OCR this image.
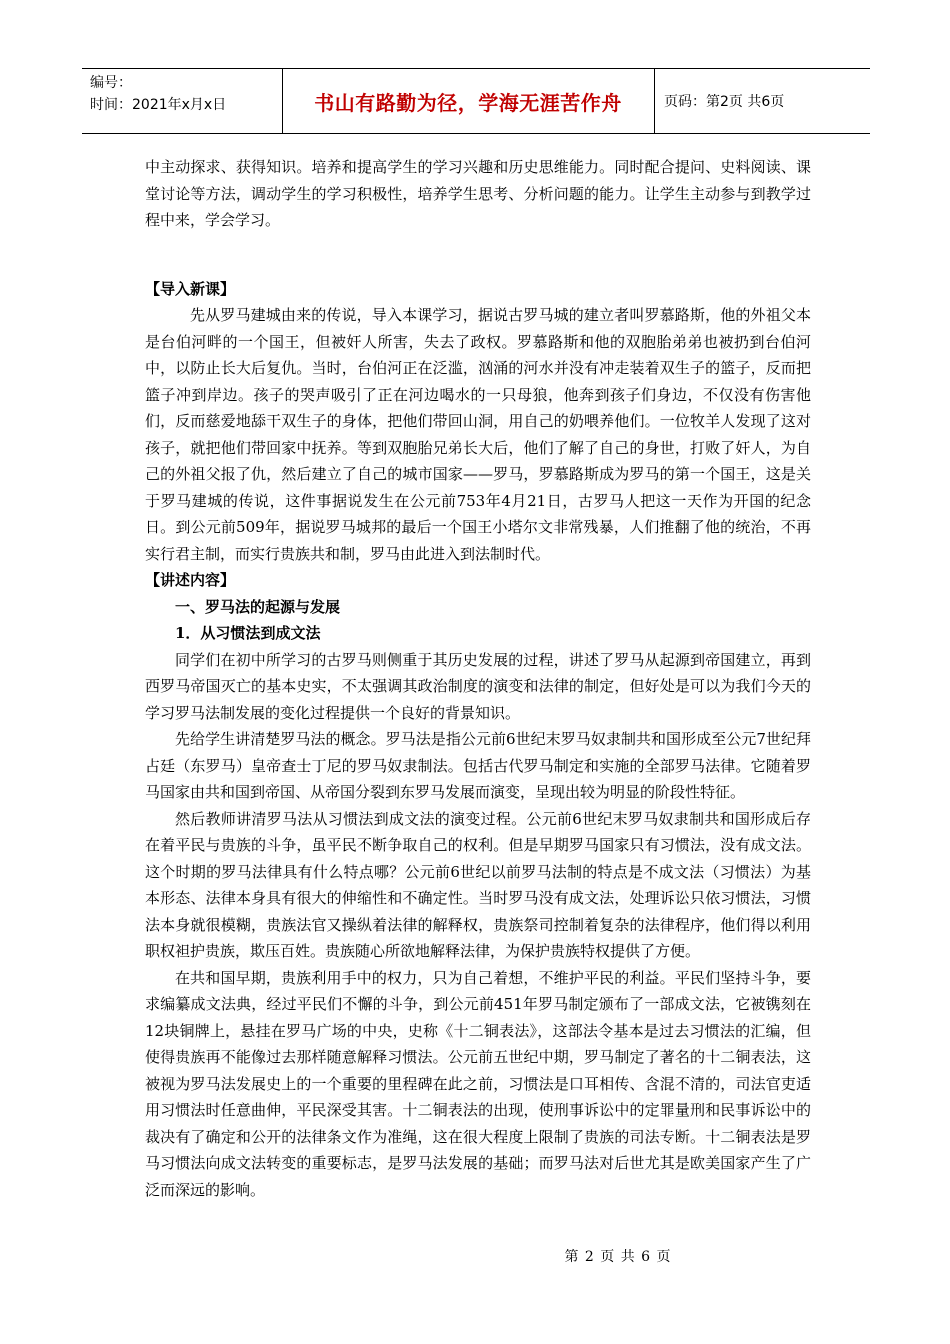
编号：
时间：2021年x月x日	书山有路勤为径，学海无涯苦作舟	页码：第2页 共6页

中主动探求、获得知识。培养和提高学生的学习兴趣和历史思维能力。同时配合提问、史料阅读、课堂讨论等方法，调动学生的学习积极性，培养学生思考、分析问题的能力。让学生主动参与到教学过程中来，学会学习。

【导入新课】

先从罗马建城由来的传说，导入本课学习，据说古罗马城的建立者叫罗慕路斯，他的外祖父本是台伯河畔的一个国王，但被奸人所害，失去了政权。罗慕路斯和他的双胞胎弟弟也被扔到台伯河中，以防止长大后复仇。当时，台伯河正在泛滥，汹涌的河水并没有冲走装着双生子的篮子，反而把篮子冲到岸边。孩子的哭声吸引了正在河边喝水的一只母狼，他奔到孩子们身边，不仅没有伤害他们，反而慈爱地舔干双生子的身体，把他们带回山洞，用自己的奶喂养他们。一位牧羊人发现了这对孩子，就把他们带回家中抚养。等到双胞胎兄弟长大后，他们了解了自己的身世，打败了奸人，为自己的外祖父报了仇，然后建立了自己的城市国家——罗马，罗慕路斯成为罗马的第一个国王，这是关于罗马建城的传说，这件事据说发生在公元前753年4月21日，古罗马人把这一天作为开国的纪念日。到公元前509年，据说罗马城邦的最后一个国王小塔尔文非常残暴，人们推翻了他的统治，不再实行君主制，而实行贵族共和制，罗马由此进入到法制时代。

【讲述内容】

一、罗马法的起源与发展

1．从习惯法到成文法

同学们在初中所学习的古罗马则侧重于其历史发展的过程，讲述了罗马从起源到帝国建立，再到西罗马帝国灭亡的基本史实，不太强调其政治制度的演变和法律的制定，但好处是可以为我们今天的学习罗马法制发展的变化过程提供一个良好的背景知识。

先给学生讲清楚罗马法的概念。罗马法是指公元前6世纪末罗马奴隶制共和国形成至公元7世纪拜占廷（东罗马）皇帝查士丁尼的罗马奴隶制法。包括古代罗马制定和实施的全部罗马法律。它随着罗马国家由共和国到帝国、从帝国分裂到东罗马发展而演变，呈现出较为明显的阶段性特征。

然后教师讲清罗马法从习惯法到成文法的演变过程。公元前6世纪末罗马奴隶制共和国形成后存在着平民与贵族的斗争，虽平民不断争取自己的权利。但是早期罗马国家只有习惯法，没有成文法。这个时期的罗马法律具有什么特点哪？公元前6世纪以前罗马法制的特点是不成文法（习惯法）为基本形态、法律本身具有很大的伸缩性和不确定性。当时罗马没有成文法，处理诉讼只依习惯法，习惯法本身就很模糊，贵族法官又操纵着法律的解释权，贵族祭司控制着复杂的法律程序，他们得以利用职权袒护贵族，欺压百姓。贵族随心所欲地解释法律，为保护贵族特权提供了方便。

在共和国早期，贵族利用手中的权力，只为自己着想，不维护平民的利益。平民们坚持斗争，要求编纂成文法典，经过平民们不懈的斗争，到公元前451年罗马制定颁布了一部成文法，它被镌刻在12块铜牌上，悬挂在罗马广场的中央，史称《十二铜表法》，这部法令基本是过去习惯法的汇编，但使得贵族再不能像过去那样随意解释习惯法。公元前五世纪中期，罗马制定了著名的十二铜表法，这被视为罗马法发展史上的一个重要的里程碑在此之前，习惯法是口耳相传、含混不清的，司法官吏适用习惯法时任意曲伸，平民深受其害。十二铜表法的出现，使刑事诉讼中的定罪量刑和民事诉讼中的裁决有了确定和公开的法律条文作为准绳，这在很大程度上限制了贵族的司法专断。十二铜表法是罗马习惯法向成文法转变的重要标志，是罗马法发展的基础；而罗马法对后世尤其是欧美国家产生了广泛而深远的影响。

第 2 页 共 6 页
